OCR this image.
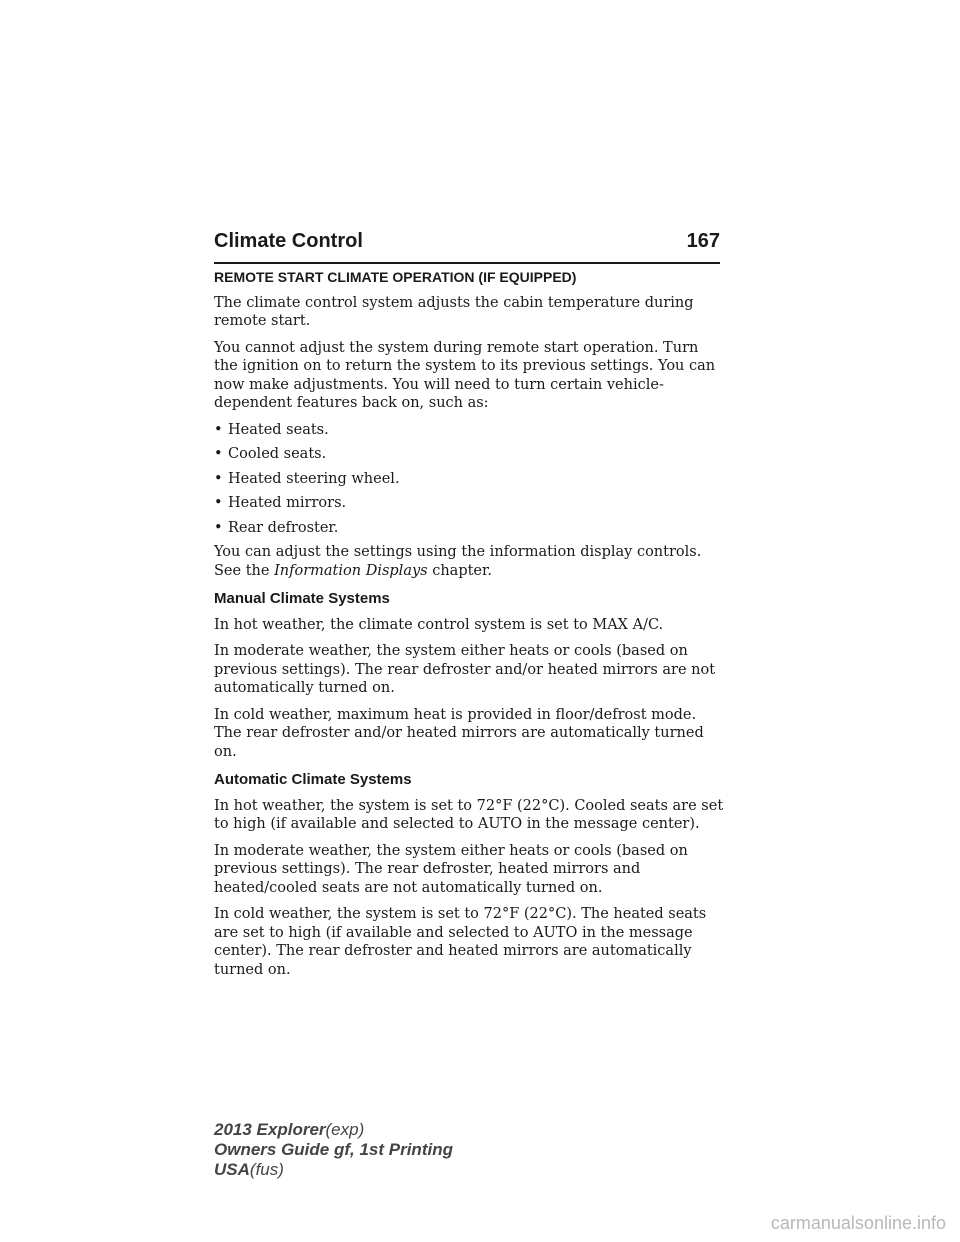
Climate Control	167
REMOTE START CLIMATE OPERATION (IF EQUIPPED)

The climate control system adjusts the cabin temperature during remote start.

You cannot adjust the system during remote start operation. Turn the ignition on to return the system to its previous settings. You can now make adjustments. You will need to turn certain vehicle-dependent features back on, such as:

• Heated seats.
• Cooled seats.
• Heated steering wheel.
• Heated mirrors.
• Rear defroster.

You can adjust the settings using the information display controls. See the Information Displays chapter.

Manual Climate Systems

In hot weather, the climate control system is set to MAX A/C.

In moderate weather, the system either heats or cools (based on previous settings). The rear defroster and/or heated mirrors are not automatically turned on.

In cold weather, maximum heat is provided in floor/defrost mode. The rear defroster and/or heated mirrors are automatically turned on.

Automatic Climate Systems

In hot weather, the system is set to 72°F (22°C). Cooled seats are set to high (if available and selected to AUTO in the message center).

In moderate weather, the system either heats or cools (based on previous settings). The rear defroster, heated mirrors and heated/cooled seats are not automatically turned on.

In cold weather, the system is set to 72°F (22°C). The heated seats are set to high (if available and selected to AUTO in the message center). The rear defroster and heated mirrors are automatically turned on.

2013 Explorer(exp)
Owners Guide gf, 1st Printing
USA(fus)
carmanualsonline.info
